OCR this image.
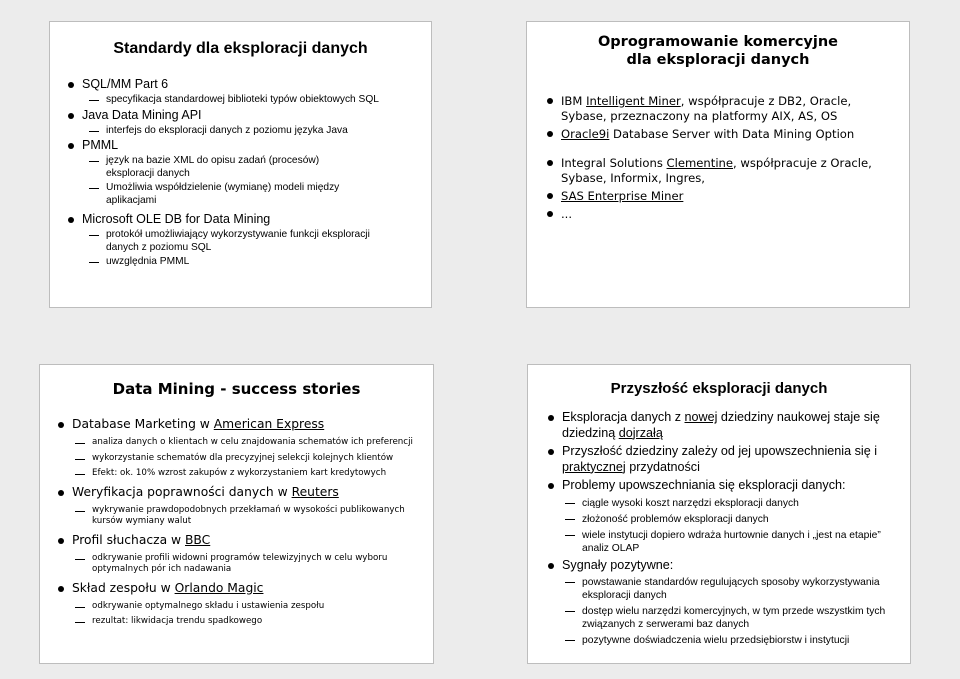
Standardy dla eksploracji danych
SQL/MM Part 6
specyfikacja standardowej biblioteki typów obiektowych SQL
Java Data Mining API
interfejs do eksploracji danych z poziomu języka Java
PMML
język na bazie XML do opisu zadań (procesów) eksploracji danych
Umożliwia współdzielenie (wymianę) modeli między aplikacjami
Microsoft OLE DB for Data Mining
protokół umożliwiający wykorzystywanie funkcji eksploracji danych z poziomu SQL
uwzględnia PMML
Oprogramowanie komercyjne
dla eksploracji danych
IBM Intelligent Miner, współpracuje z DB2, Oracle, Sybase, przeznaczony na platformy AIX, AS, OS
Oracle9i Database Server with Data Mining Option
Integral Solutions Clementine, współpracuje z Oracle, Sybase, Informix, Ingres,
SAS Enterprise Miner
...
Data Mining - success stories
Database Marketing w American Express
analiza danych o klientach w celu znajdowania schematów ich preferencji
wykorzystanie schematów dla precyzyjnej selekcji kolejnych klientów
Efekt: ok. 10% wzrost zakupów z wykorzystaniem kart kredytowych
Weryfikacja poprawności danych w Reuters
wykrywanie prawdopodobnych przekłamań w wysokości publikowanych kursów wymiany walut
Profil słuchacza w BBC
odkrywanie profili widowni programów telewizyjnych w celu wyboru optymalnych pór ich nadawania
Skład zespołu w Orlando Magic
odkrywanie optymalnego składu i ustawienia zespołu
rezultat: likwidacja trendu spadkowego
Przyszłość eksploracji danych
Eksploracja danych z nowej dziedziny naukowej staje się dziedziną dojrzałą
Przyszłość dziedziny zależy od jej upowszechnienia się i praktycznej przydatności
Problemy upowszechniania się eksploracji danych:
ciągle wysoki koszt narzędzi eksploracji danych
złożoność problemów eksploracji danych
wiele instytucji dopiero wdraża hurtownie danych i „jest na etapie” analiz OLAP
Sygnały pozytywne:
powstawanie standardów regulujących sposoby wykorzystywania eksploracji danych
dostęp wielu narzędzi komercyjnych, w tym przede wszystkim tych związanych z serwerami baz danych
pozytywne doświadczenia wielu przedsiębiorstw i instytucji
